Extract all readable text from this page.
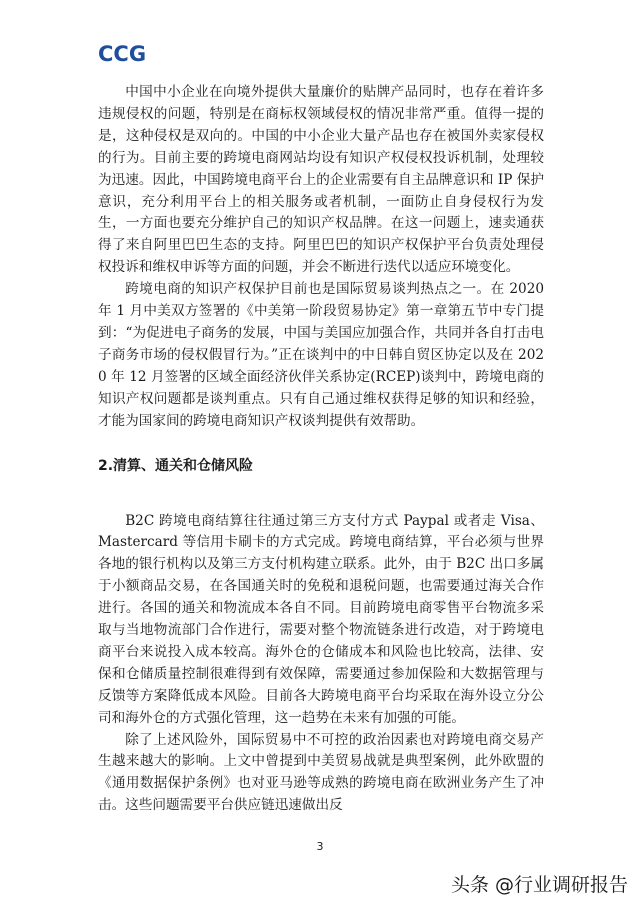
CCG

中国中小企业在向境外提供大量廉价的贴牌产品同时，也存在着许多违规侵权的问题，特别是在商标权领域侵权的情况非常严重。值得一提的是，这种侵权是双向的。中国的中小企业大量产品也存在被国外卖家侵权的行为。目前主要的跨境电商网站均设有知识产权侵权投诉机制，处理较为迅速。因此，中国跨境电商平台上的企业需要有自主品牌意识和 IP 保护意识，充分利用平台上的相关服务或者机制，一面防止自身侵权行为发生，一方面也要充分维护自己的知识产权品牌。在这一问题上，速卖通获得了来自阿里巴巴生态的支持。阿里巴巴的知识产权保护平台负责处理侵权投诉和维权申诉等方面的问题，并会不断进行迭代以适应环境变化。

跨境电商的知识产权保护目前也是国际贸易谈判热点之一。在 2020 年 1 月中美双方签署的《中美第一阶段贸易协定》第一章第五节中专门提到：“为促进电子商务的发展，中国与美国应加强合作，共同并各自打击电子商务市场的侵权假冒行为。”正在谈判中的中日韩自贸区协定以及在 2020 年 12 月签署的区域全面经济伙伴关系协定(RCEP)谈判中，跨境电商的知识产权问题都是谈判重点。只有自己通过维权获得足够的知识和经验，才能为国家间的跨境电商知识产权谈判提供有效帮助。

2.清算、通关和仓储风险

B2C 跨境电商结算往往通过第三方支付方式 Paypal 或者走 Visa、Mastercard 等信用卡刷卡的方式完成。跨境电商结算，平台必须与世界各地的银行机构以及第三方支付机构建立联系。此外，由于 B2C 出口多属于小额商品交易，在各国通关时的免税和退税问题，也需要通过海关合作进行。各国的通关和物流成本各自不同。目前跨境电商零售平台物流多采取与当地物流部门合作进行，需要对整个物流链条进行改造，对于跨境电商平台来说投入成本较高。海外仓的仓储成本和风险也比较高，法律、安保和仓储质量控制很难得到有效保障，需要通过参加保险和大数据管理与反馈等方案降低成本风险。目前各大跨境电商平台均采取在海外设立分公司和海外仓的方式强化管理，这一趋势在未来有加强的可能。

除了上述风险外，国际贸易中不可控的政治因素也对跨境电商交易产生越来越大的影响。上文中曾提到中美贸易战就是典型案例，此外欧盟的《通用数据保护条例》也对亚马逊等成熟的跨境电商在欧洲业务产生了冲击。这些问题需要平台供应链迅速做出反

3
头条 @行业调研报告
